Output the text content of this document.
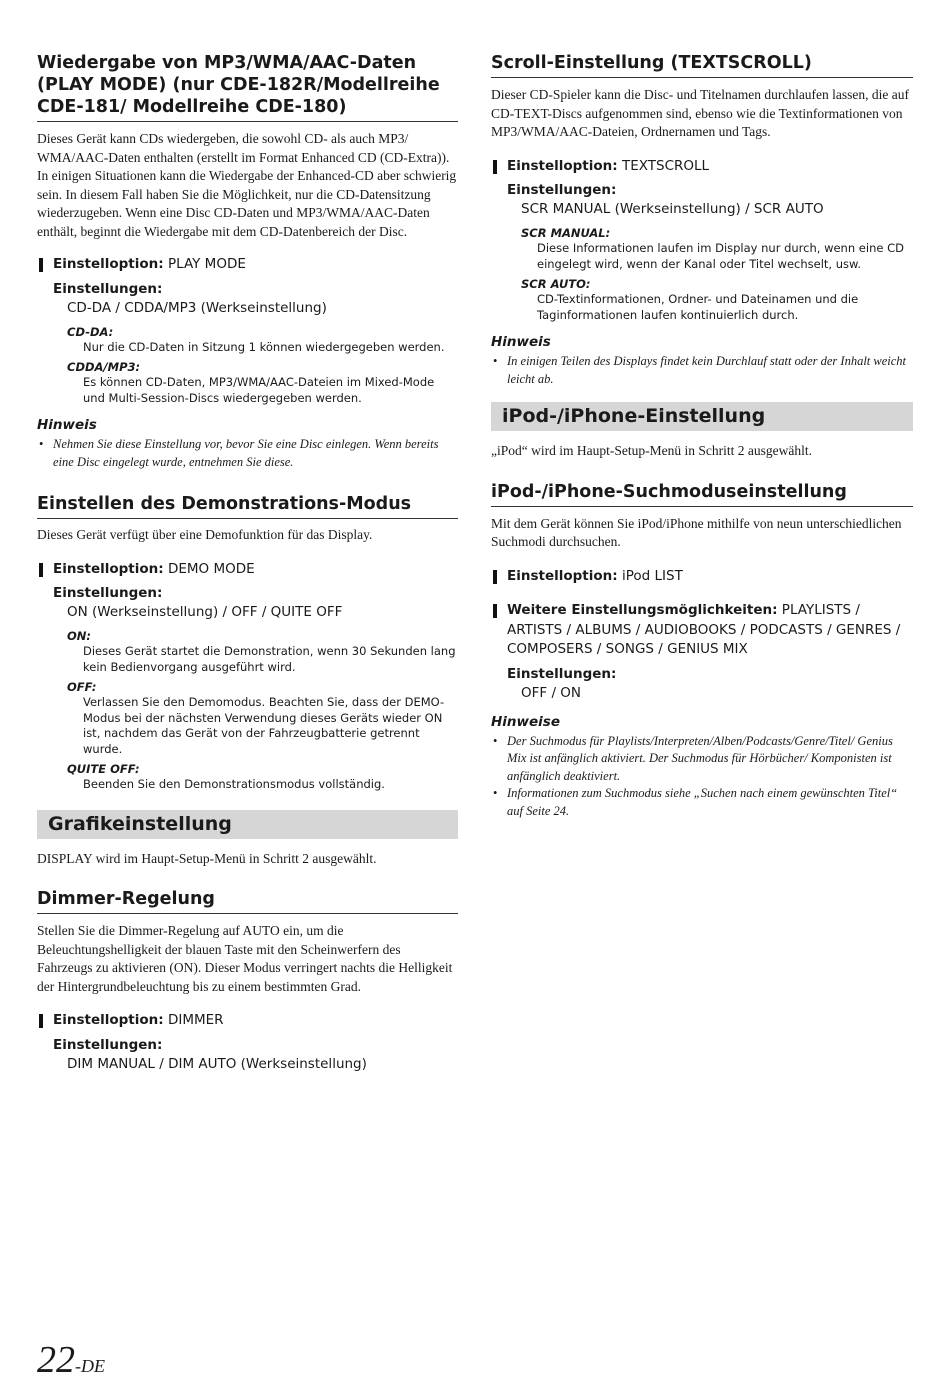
Wiedergabe von MP3/WMA/AAC-Daten (PLAY MODE) (nur CDE-182R/Modellreihe CDE-181/ Modellreihe CDE-180)

Dieses Gerät kann CDs wiedergeben, die sowohl CD- als auch MP3/ WMA/AAC-Daten enthalten (erstellt im Format Enhanced CD (CD-Extra)). In einigen Situationen kann die Wiedergabe der Enhanced-CD aber schwierig sein. In diesem Fall haben Sie die Möglichkeit, nur die CD-Datensitzung wiederzugeben. Wenn eine Disc CD-Daten und MP3/WMA/AAC-Daten enthält, beginnt die Wiedergabe mit dem CD-Datenbereich der Disc.

Einstelloption: PLAY MODE
Einstellungen:
CD-DA / CDDA/MP3 (Werkseinstellung)
CD-DA:
Nur die CD-Daten in Sitzung 1 können wiedergegeben werden.
CDDA/MP3:
Es können CD-Daten, MP3/WMA/AAC-Dateien im Mixed-Mode und Multi-Session-Discs wiedergegeben werden.
Hinweis
• Nehmen Sie diese Einstellung vor, bevor Sie eine Disc einlegen. Wenn bereits eine Disc eingelegt wurde, entnehmen Sie diese.
Einstellen des Demonstrations-Modus

Dieses Gerät verfügt über eine Demofunktion für das Display.

Einstelloption: DEMO MODE
Einstellungen:
ON (Werkseinstellung) / OFF / QUITE OFF
ON:
Dieses Gerät startet die Demonstration, wenn 30 Sekunden lang kein Bedienvorgang ausgeführt wird.
OFF:
Verlassen Sie den Demomodus. Beachten Sie, dass der DEMO-Modus bei der nächsten Verwendung dieses Geräts wieder ON ist, nachdem das Gerät von der Fahrzeugbatterie getrennt wurde.
QUITE OFF:
Beenden Sie den Demonstrationsmodus vollständig.
Grafikeinstellung

DISPLAY wird im Haupt-Setup-Menü in Schritt 2 ausgewählt.

Dimmer-Regelung

Stellen Sie die Dimmer-Regelung auf AUTO ein, um die Beleuchtungshelligkeit der blauen Taste mit den Scheinwerfern des Fahrzeugs zu aktivieren (ON). Dieser Modus verringert nachts die Helligkeit der Hintergrundbeleuchtung bis zu einem bestimmten Grad.

Einstelloption: DIMMER
Einstellungen:
DIM MANUAL / DIM AUTO (Werkseinstellung)
Scroll-Einstellung (TEXTSCROLL)

Dieser CD-Spieler kann die Disc- und Titelnamen durchlaufen lassen, die auf CD-TEXT-Discs aufgenommen sind, ebenso wie die Textinformationen von MP3/WMA/AAC-Dateien, Ordnernamen und Tags.

Einstelloption: TEXTSCROLL
Einstellungen:
SCR MANUAL (Werkseinstellung) / SCR AUTO
SCR MANUAL:
Diese Informationen laufen im Display nur durch, wenn eine CD eingelegt wird, wenn der Kanal oder Titel wechselt, usw.
SCR AUTO:
CD-Textinformationen, Ordner- und Dateinamen und die Taginformationen laufen kontinuierlich durch.
Hinweis
• In einigen Teilen des Displays findet kein Durchlauf statt oder der Inhalt weicht leicht ab.
iPod-/iPhone-Einstellung

„iPod“ wird im Haupt-Setup-Menü in Schritt 2 ausgewählt.

iPod-/iPhone-Suchmoduseinstellung

Mit dem Gerät können Sie iPod/iPhone mithilfe von neun unterschiedlichen Suchmodi durchsuchen.

Einstelloption: iPod LIST
Weitere Einstellungsmöglichkeiten: PLAYLISTS / ARTISTS / ALBUMS / AUDIOBOOKS / PODCASTS / GENRES / COMPOSERS / SONGS / GENIUS MIX
Einstellungen:
OFF / ON
Hinweise
• Der Suchmodus für Playlists/Interpreten/Alben/Podcasts/Genre/Titel/ Genius Mix ist anfänglich aktiviert. Der Suchmodus für Hörbücher/ Komponisten ist anfänglich deaktiviert.
• Informationen zum Suchmodus siehe „Suchen nach einem gewünschten Titel“ auf Seite 24.
22-DE
